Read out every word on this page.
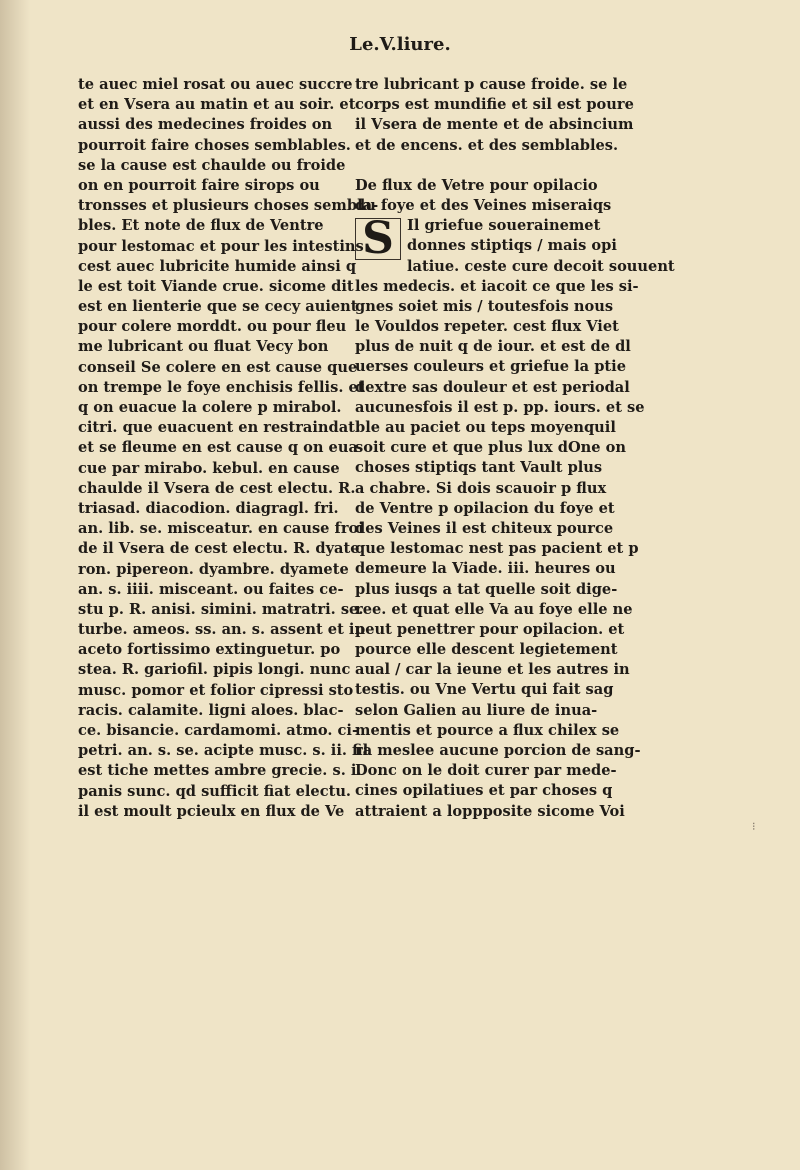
Le.V.liure.
te auec miel rosat ou auec succre
et en Vsera au matin et au soir. et
aussi des medecines froides on
pourroit faire choses semblables.
se la cause est chaulde ou froide
on en pourroit faire sirops ou
tronsses et plusieurs choses sembla-
bles. Et note de flux de Ventre
pour lestomac et pour les intestins
cest auec lubricite humide ainsi q
le est toit Viande crue. sicome dit
est en lienterie que se cecy auient
pour colere morddt. ou pour fleu
me lubricant ou fluat Vecy bon
conseil Se colere en est cause que
on trempe le foye enchisis fellis. et
q on euacue la colere p mirabol.
citri. que euacuent en restraindat
et se fleume en est cause q on eua
cue par mirabo. kebul. en cause
chaulde il Vsera de cest electu. R.
triasad. diacodion. diagragl. fri.
an. lib. se. misceatur. en cause froi
de il Vsera de cest electu. R. dyate
ron. pipereon. dyambre. dyamete
an. s. iiii. misceant. ou faites ce-
stu p. R. anisi. simini. matratri. se.
turbe. ameos. ss. an. s. assent et in
aceto fortissimo extinguetur. po
stea. R. gariofil. pipis longi. nunc
musc. pomor et folior cipressi sto
racis. calamite. ligni aloes. blac-
ce. bisancie. cardamomi. atmo. ci-
petri. an. s. se. acipte musc. s. ii. fil
est tiche mettes ambre grecie. s. i.
panis sunc. qd sufficit fiat electu.
il est moult pcieulx en flux de Ve
tre lubricant p cause froide. se le
corps est mundifie et sil est poure
il Vsera de mente et de absincium
et de encens. et des semblables.
De flux de Vetre pour opilacio
du foye et des Veines miseraiqs
S Il griefue souerainemet
donnes stiptiqs / mais opi
latiue. ceste cure decoit souuent
les medecis. et iacoit ce que les si-
gnes soiet mis / toutesfois nous
le Vouldos repeter. cest flux Viet
plus de nuit q de iour. et est de dl
uerses couleurs et griefue la ptie
dextre sas douleur et est periodal
aucunesfois il est p. pp. iours. et se
ble au paciet ou teps moyenquil
soit cure et que plus lux dOne on
choses stiptiqs tant Vault plus
a chabre. Si dois scauoir p flux
de Ventre p opilacion du foye et
des Veines il est chiteux pource
que lestomac nest pas pacient et p
demeure la Viade. iii. heures ou
plus iusqs a tat quelle soit dige-
ree. et quat elle Va au foye elle ne
peut penettrer pour opilacion. et
pource elle descent legietement
aual / car la ieune et les autres in
testis. ou Vne Vertu qui fait sag
selon Galien au liure de inua-
mentis et pource a flux chilex se
ra meslee aucune porcion de sang-
Donc on le doit curer par mede-
cines opilatiues et par choses q
attraient a loppposite sicome Voi
⁝
